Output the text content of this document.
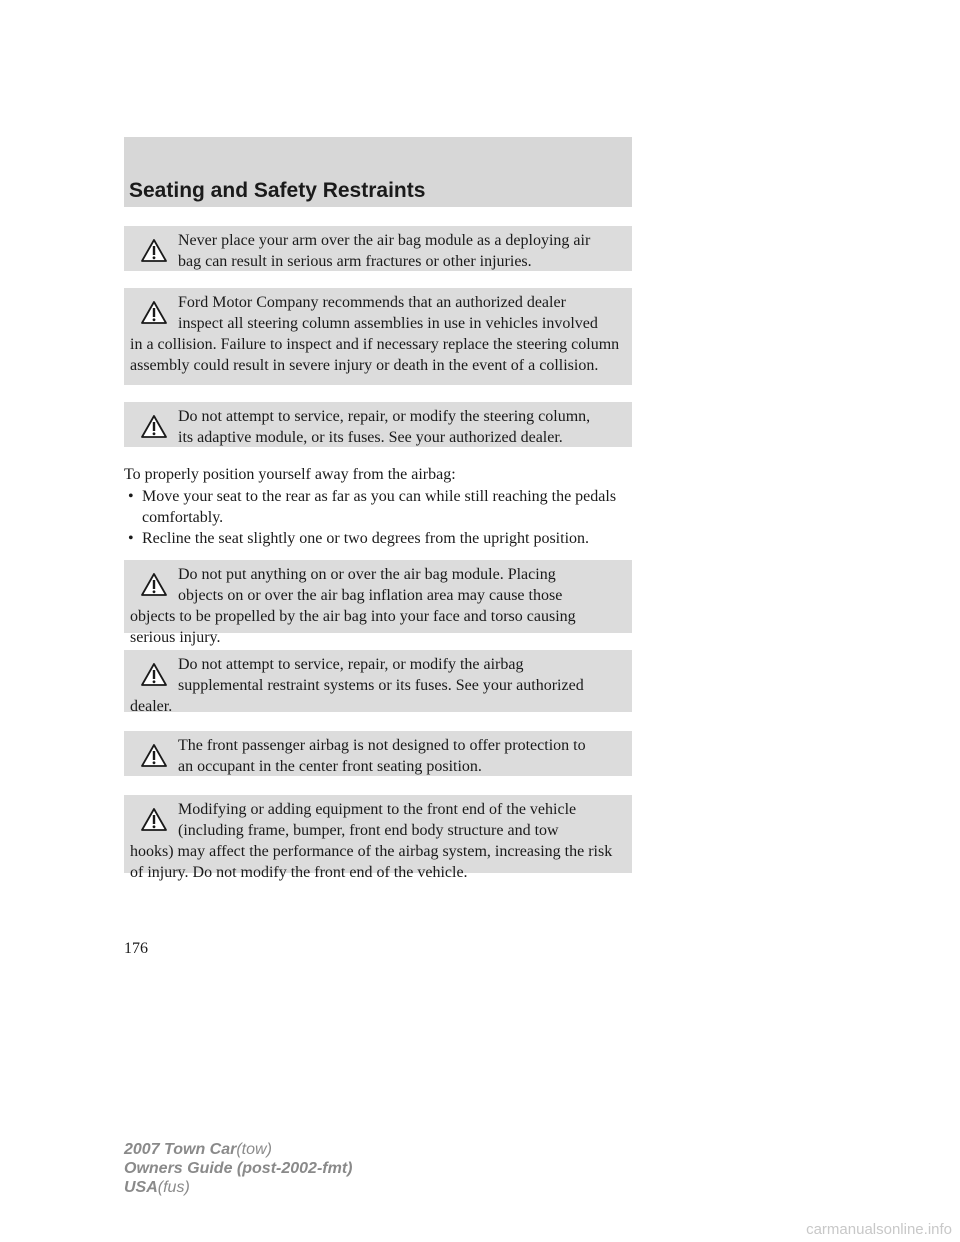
Seating and Safety Restraints

Never place your arm over the air bag module as a deploying air

bag can result in serious arm fractures or other injuries.

Ford Motor Company recommends that an authorized dealer

inspect all steering column assemblies in use in vehicles involved

in a collision. Failure to inspect and if necessary replace the steering column assembly could result in severe injury or death in the event of a collision.

Do not attempt to service, repair, or modify the steering column,

its adaptive module, or its fuses. See your authorized dealer.

To properly position yourself away from the airbag:

• Move your seat to the rear as far as you can while still reaching the pedals comfortably.
• Recline the seat slightly one or two degrees from the upright position.

Do not put anything on or over the air bag module. Placing

objects on or over the air bag inflation area may cause those

objects to be propelled by the air bag into your face and torso causing serious injury.

Do not attempt to service, repair, or modify the airbag

supplemental restraint systems or its fuses. See your authorized

dealer.

The front passenger airbag is not designed to offer protection to

an occupant in the center front seating position.

Modifying or adding equipment to the front end of the vehicle

(including frame, bumper, front end body structure and tow

hooks) may affect the performance of the airbag system, increasing the risk of injury. Do not modify the front end of the vehicle.

176
2007 Town Car(tow)
Owners Guide (post-2002-fmt)
USA(fus)
carmanualsonline.info
